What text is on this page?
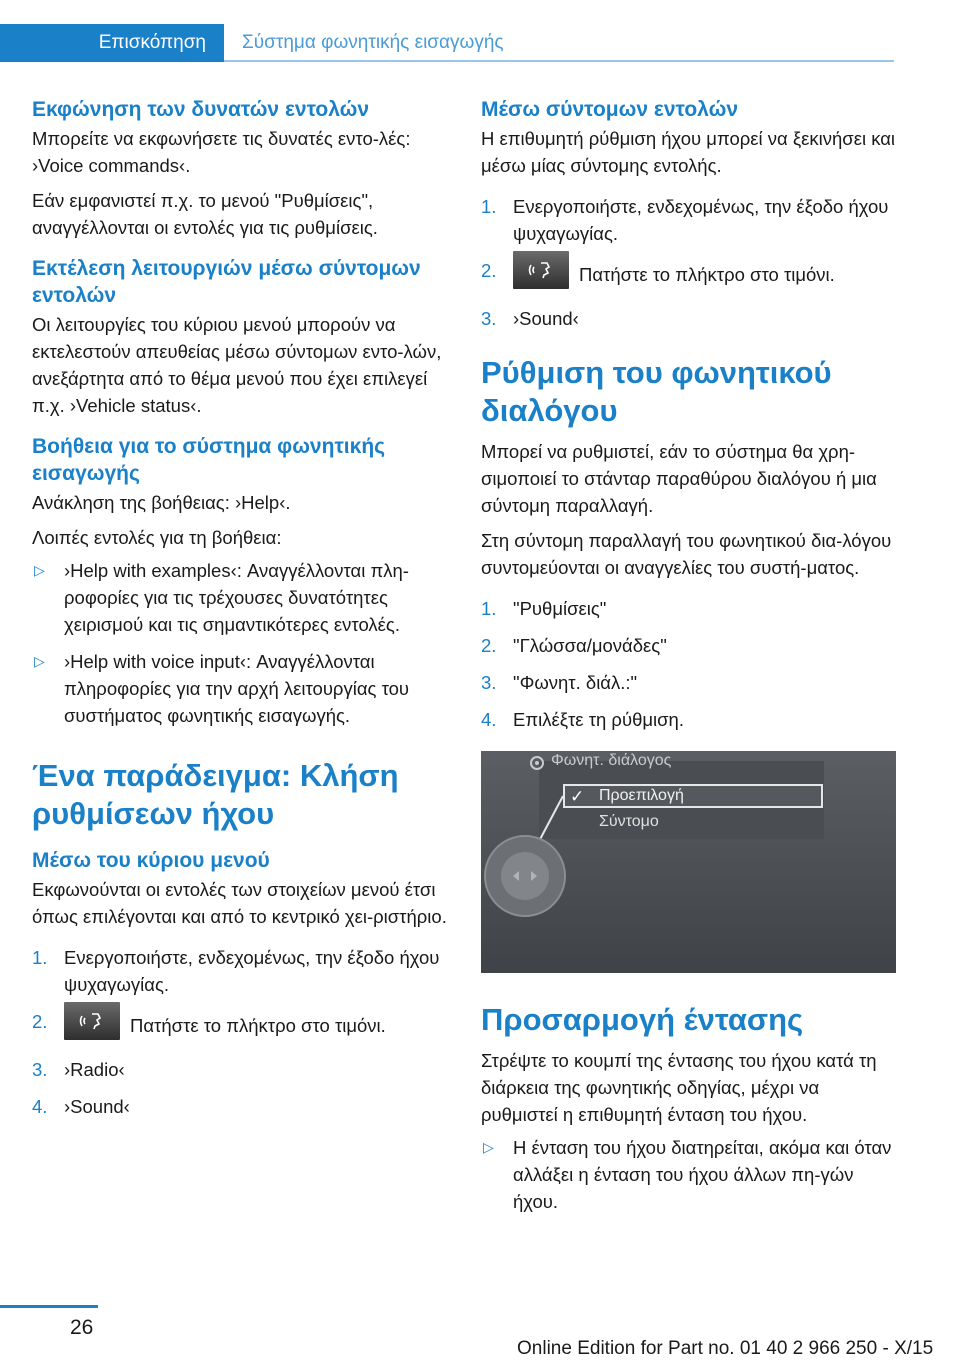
Επισκόπηση Σύστημα φωνητικής εισαγωγής
Εκφώνηση των δυνατών εντολών
Μπορείτε να εκφωνήσετε τις δυνατές εντο-λές: ›Voice commands‹.
Εάν εμφανιστεί π.χ. το μενού "Ρυθμίσεις", αναγγέλλονται οι εντολές για τις ρυθμίσεις.
Εκτέλεση λειτουργιών μέσω σύντομων εντολών
Οι λειτουργίες του κύριου μενού μπορούν να εκτελεστούν απευθείας μέσω σύντομων εντο-λών, ανεξάρτητα από το θέμα μενού που έχει επιλεγεί π.χ. ›Vehicle status‹.
Βοήθεια για το σύστημα φωνητικής εισαγωγής
Ανάκληση της βοήθειας: ›Help‹.
Λοιπές εντολές για τη βοήθεια:
▷ ›Help with examples‹: Αναγγέλλονται πλη-ροφορίες για τις τρέχουσες δυνατότητες χειρισμού και τις σημαντικότερες εντολές.
▷ ›Help with voice input‹: Αναγγέλλονται πληροφορίες για την αρχή λειτουργίας του συστήματος φωνητικής εισαγωγής.
Ένα παράδειγμα: Κλήση ρυθμίσεων ήχου
Μέσω του κύριου μενού
Εκφωνούνται οι εντολές των στοιχείων μενού έτσι όπως επιλέγονται και από το κεντρικό χει-ριστήριο.
1. Ενεργοποιήστε, ενδεχομένως, την έξοδο ήχου ψυχαγωγίας.
2.	Πατήστε το πλήκτρο στο τιμόνι.
3. ›Radio‹
4. ›Sound‹
Μέσω σύντομων εντολών
Η επιθυμητή ρύθμιση ήχου μπορεί να ξεκινήσει και μέσω μίας σύντομης εντολής.
1. Ενεργοποιήστε, ενδεχομένως, την έξοδο ήχου ψυχαγωγίας.
2.	Πατήστε το πλήκτρο στο τιμόνι.
3. ›Sound‹
Ρύθμιση του φωνητικού διαλόγου
Μπορεί να ρυθμιστεί, εάν το σύστημα θα χρη-σιμοποιεί το στάνταρ παραθύρου διαλόγου ή μια σύντομη παραλλαγή.
Στη σύντομη παραλλαγή του φωνητικού δια-λόγου συντομεύονται οι αναγγελίες του συστή-ματος.
1. "Ρυθμίσεις"
2. "Γλώσσα/μονάδες"
3. "Φωνητ. διάλ.:"
4. Επιλέξτε τη ρύθμιση.
Φωνητ. διάλογος
✓ Προεπιλογή
Σύντομο
Προσαρμογή έντασης
Στρέψτε το κουμπί της έντασης του ήχου κατά τη διάρκεια της φωνητικής οδηγίας, μέχρι να ρυθμιστεί η επιθυμητή ένταση του ήχου.
▷ Η ένταση του ήχου διατηρείται, ακόμα και όταν αλλάξει η ένταση του ήχου άλλων πη-γών ήχου.
26
Online Edition for Part no. 01 40 2 966 250 - X/15
